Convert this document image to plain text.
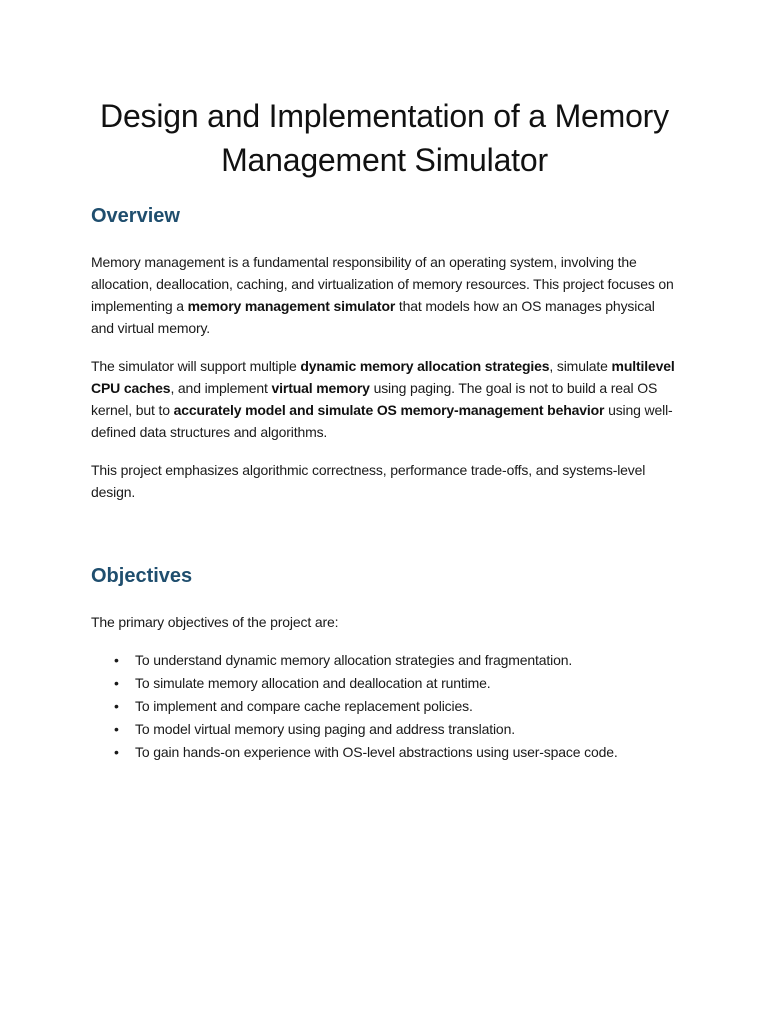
Design and Implementation of a Memory Management Simulator
Overview

Memory management is a fundamental responsibility of an operating system, involving the allocation, deallocation, caching, and virtualization of memory resources. This project focuses on implementing a memory management simulator that models how an OS manages physical and virtual memory.

The simulator will support multiple dynamic memory allocation strategies, simulate multilevel CPU caches, and implement virtual memory using paging. The goal is not to build a real OS kernel, but to accurately model and simulate OS memory-management behavior using well-defined data structures and algorithms.

This project emphasizes algorithmic correctness, performance trade-offs, and systems-level design.

Objectives

The primary objectives of the project are:

• To understand dynamic memory allocation strategies and fragmentation.
• To simulate memory allocation and deallocation at runtime.
• To implement and compare cache replacement policies.
• To model virtual memory using paging and address translation.
• To gain hands-on experience with OS-level abstractions using user-space code.
